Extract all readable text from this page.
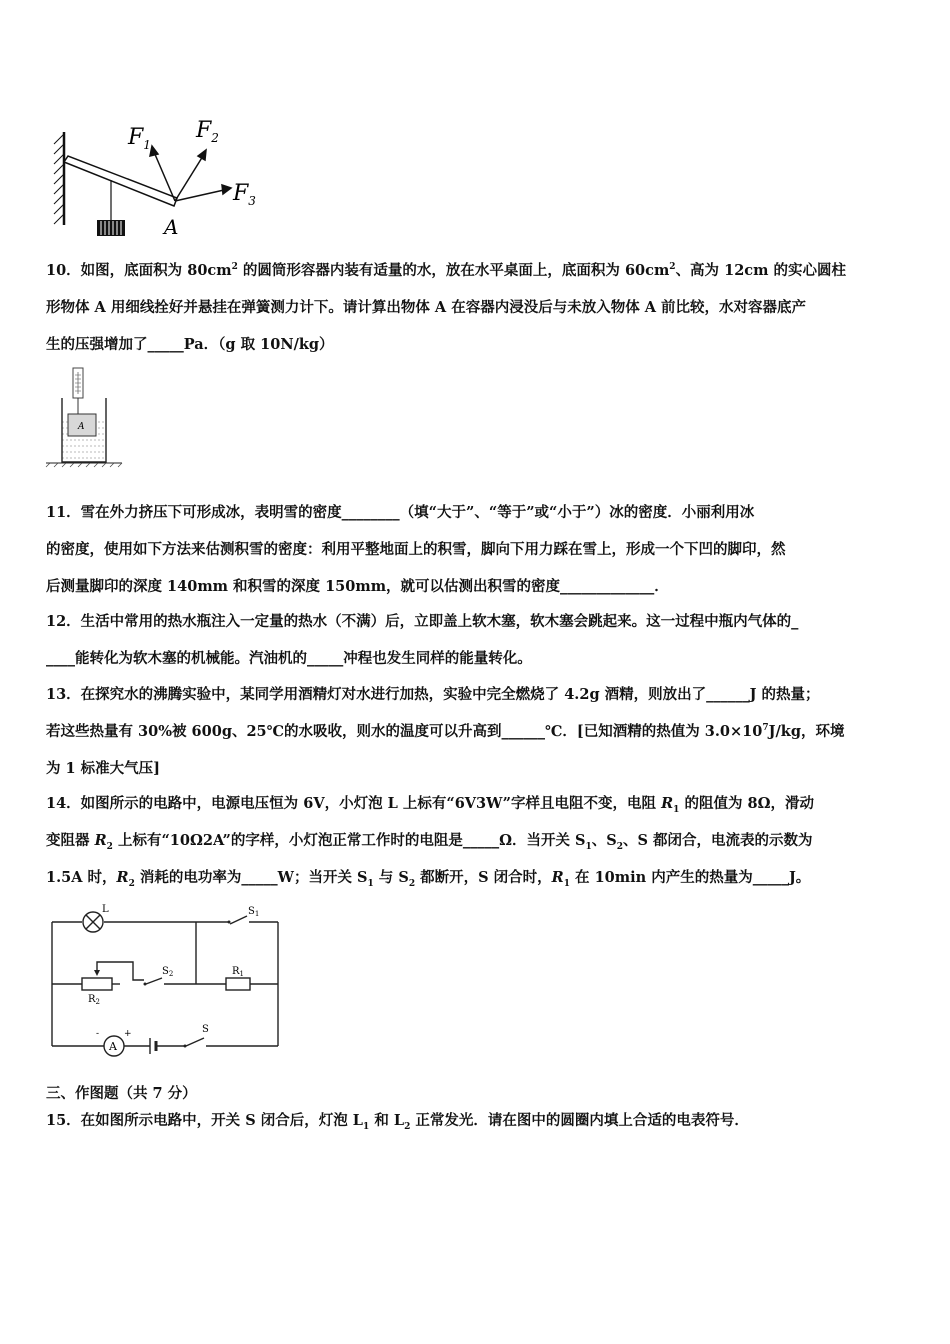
$F_1$
$F_2$
$F_3$
A
10．如图，底面积为 $80cm^2$ 的圆筒形容器内装有适量的水，放在水平桌面上，底面积为 $60cm^2$、高为 12cm 的实心圆柱
形物体 A 用细线拴好并悬挂在弹簧测力计下。请计算出物体 A 在容器内浸没后与未放入物体 A 前比较，水对容器底产
生的压强增加了_____Pa．（g 取 10N/kg）
A
11．雪在外力挤压下可形成冰，表明雪的密度________（填“大于”、“等于”或“小于”）冰的密度．小丽利用冰
的密度，使用如下方法来估测积雪的密度：利用平整地面上的积雪，脚向下用力踩在雪上，形成一个下凹的脚印，然
后测量脚印的深度 140mm 和积雪的深度 150mm，就可以估测出积雪的密度_____________．
12．生活中常用的热水瓶注入一定量的热水（不满）后，立即盖上软木塞，软木塞会跳起来。这一过程中瓶内气体的_
____能转化为软木塞的机械能。汽油机的_____冲程也发生同样的能量转化。
13．在探究水的沸腾实验中，某同学用酒精灯对水进行加热，实验中完全燃烧了 4.2g 酒精，则放出了______J 的热量；
若这些热量有 30%被 600g、25℃的水吸收，则水的温度可以升高到______℃．[已知酒精的热值为 $3.0\times 10^7J/kg$，环境
为 1 标准大气压]
14．如图所示的电路中，电源电压恒为 6V，小灯泡 L 上标有“6V3W”字样且电阻不变，电阻 $R_1$ 的阻值为 8Ω，滑动
变阻器 $R_2$ 上标有“10Ω2A”的字样，小灯泡正常工作时的电阻是_____Ω．当开关 $S_1$、$S_2$、S 都闭合，电流表的示数为
1.5A 时，$R_2$ 消耗的电功率为_____W；当开关 $S_1$ 与 $S_2$ 都断开，S 闭合时，$R_1$ 在 10min 内产生的热量为_____J。
L	$S_1$
$S_2$	$R_1$
$R_2$
A
-	+	S
三、作图题（共 7 分）
15．在如图所示电路中，开关 S 闭合后，灯泡 $L_1$ 和 $L_2$ 正常发光．请在图中的圆圈内填上合适的电表符号．
